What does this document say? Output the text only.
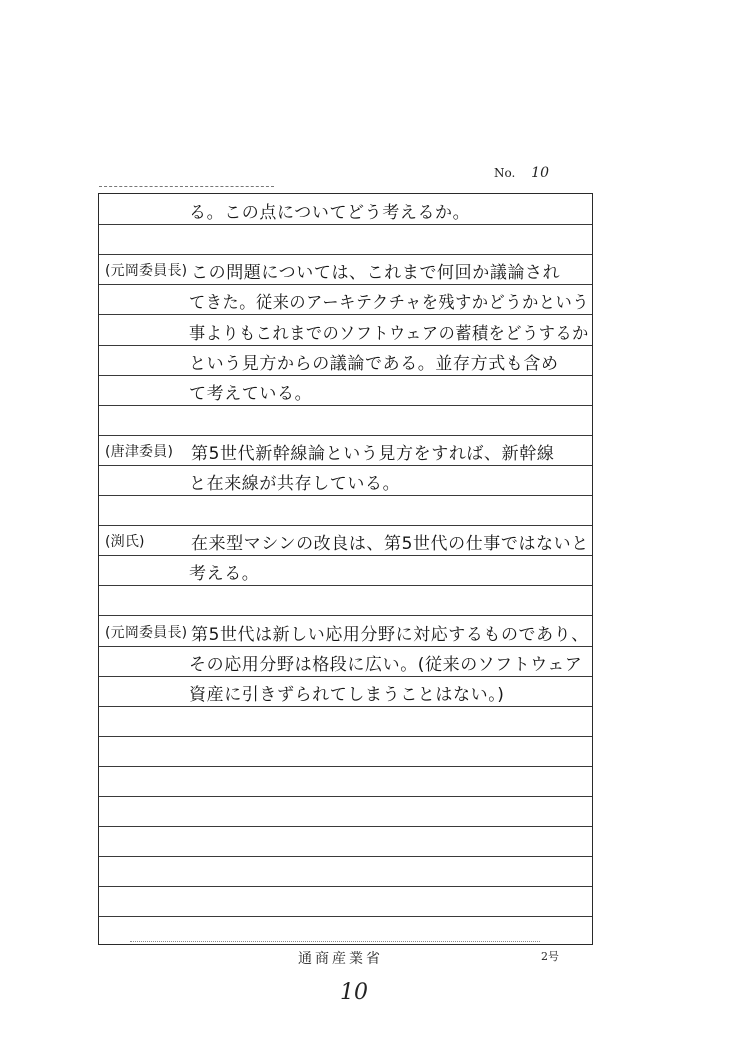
No. 10
る。この点についてどう考えるか。
(元岡委員長) この問題については、これまで何回か議論され
てきた。従来のアーキテクチャを残すかどうかという
事よりもこれまでのソフトウェアの蓄積をどうするか
という見方からの議論である。並存方式も含め
て考えている。
(唐津委員) 第5世代新幹線論という見方をすれば、新幹線
と在来線が共存している。
(渕氏)	在来型マシンの改良は、第5世代の仕事ではないと
考える。
(元岡委員長) 第5世代は新しい応用分野に対応するものであり、
その応用分野は格段に広い。(従来のソフトウェア
資産に引きずられてしまうことはない。)
通商産業省	2号
10
